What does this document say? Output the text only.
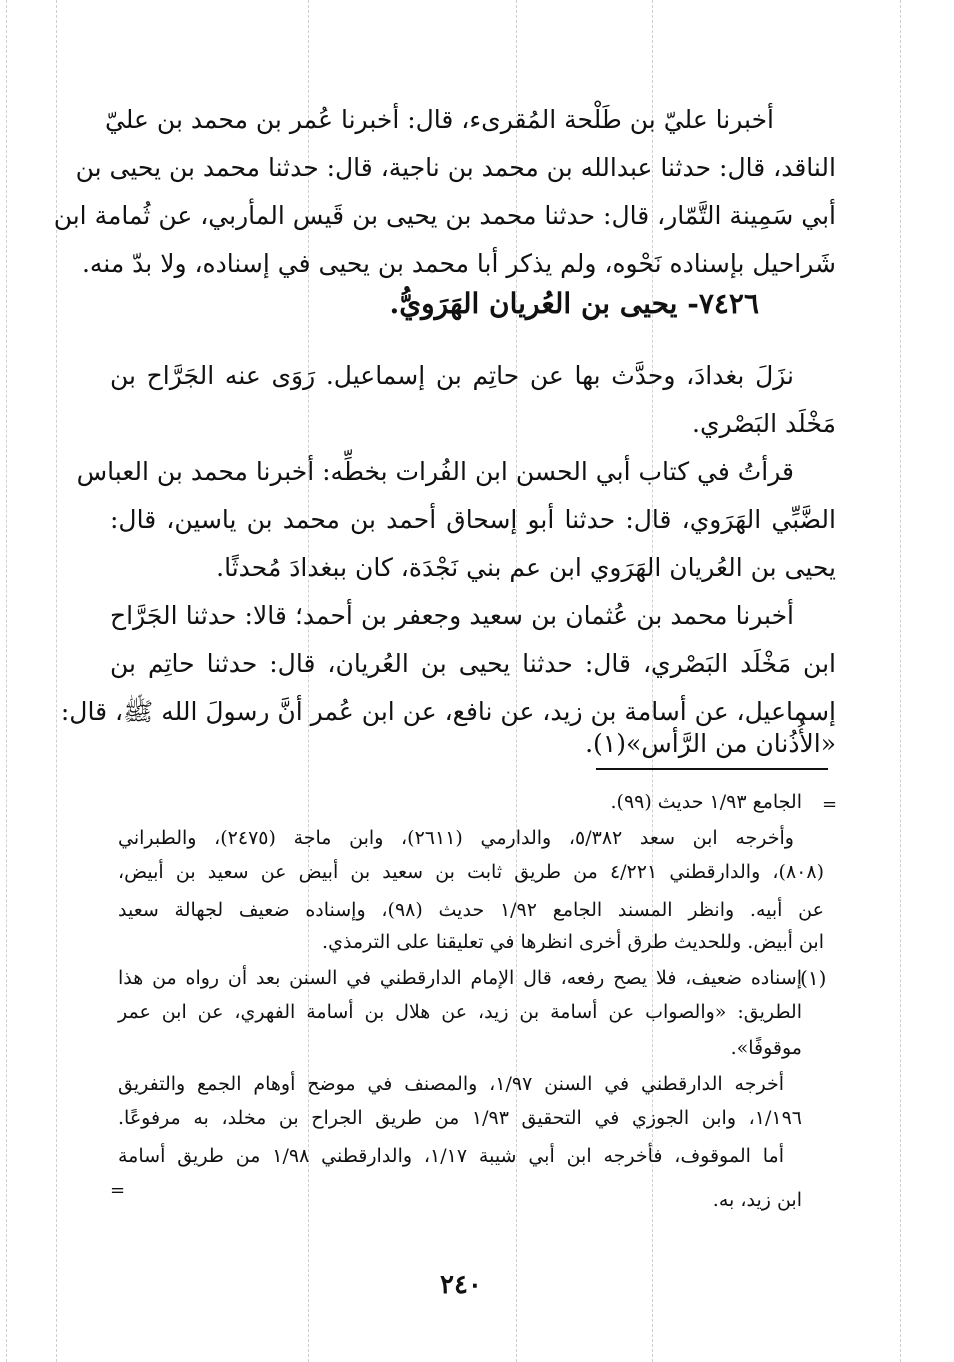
أخبرنا عليّ بن طَلْحة المُقرىء، قال: أخبرنا عُمر بن محمد بن عليّ
الناقد، قال: حدثنا عبدالله بن محمد بن ناجية، قال: حدثنا محمد بن يحيى بن
أبي سَمِينة التَّمّار، قال: حدثنا محمد بن يحيى بن قَيس المأربي، عن ثُمامة ابن
شَراحيل بإسناده نَحْوه، ولم يذكر أبا محمد بن يحيى في إسناده، ولا بدّ منه.
٧٤٢٦- يحيى بن العُريان الهَرَويُّ.
نزَلَ بغدادَ، وحدَّث بها عن حاتِم بن إسماعيل. رَوَى عنه الجَرَّاح بن
مَخْلَد البَصْري.
قرأتُ في كتاب أبي الحسن ابن الفُرات بخطِّه: أخبرنا محمد بن العباس
الضَّبِّي الهَرَوي، قال: حدثنا أبو إسحاق أحمد بن محمد بن ياسين، قال:
يحيى بن العُريان الهَرَوي ابن عم بني نَجْدَة، كان ببغدادَ مُحدثًا.
أخبرنا محمد بن عُثمان بن سعيد وجعفر بن أحمد؛ قالا: حدثنا الجَرَّاح
ابن مَخْلَد البَصْري، قال: حدثنا يحيى بن العُريان، قال: حدثنا حاتِم بن
إسماعيل، عن أسامة بن زيد، عن نافع، عن ابن عُمر أنَّ رسولَ الله ﷺ، قال:
«الأُذُنان من الرَّأس»(١).
=
الجامع ١/٩٣ حديث (٩٩).
وأخرجه ابن سعد ٥/٣٨٢، والدارمي (٢٦١١)، وابن ماجة (٢٤٧٥)، والطبراني
(٨٠٨)، والدارقطني ٤/٢٢١ من طريق ثابت بن سعيد بن أبيض عن سعيد بن أبيض،
عن أبيه. وانظر المسند الجامع ١/٩٢ حديث (٩٨)، وإسناده ضعيف لجهالة سعيد
ابن أبيض. وللحديث طرق أخرى انظرها في تعليقنا على الترمذي.
(١)
إسناده ضعيف، فلا يصح رفعه، قال الإمام الدارقطني في السنن بعد أن رواه من هذا
الطريق: «والصواب عن أسامة بن زيد، عن هلال بن أسامة الفهري، عن ابن عمر
موقوفًا».
أخرجه الدارقطني في السنن ١/٩٧، والمصنف في موضح أوهام الجمع والتفريق
١/١٩٦، وابن الجوزي في التحقيق ١/٩٣ من طريق الجراح بن مخلد، به مرفوعًا.
أما الموقوف، فأخرجه ابن أبي شيبة ١/١٧، والدارقطني ١/٩٨ من طريق أسامة
ابن زيد، به.
=
٢٤٠
